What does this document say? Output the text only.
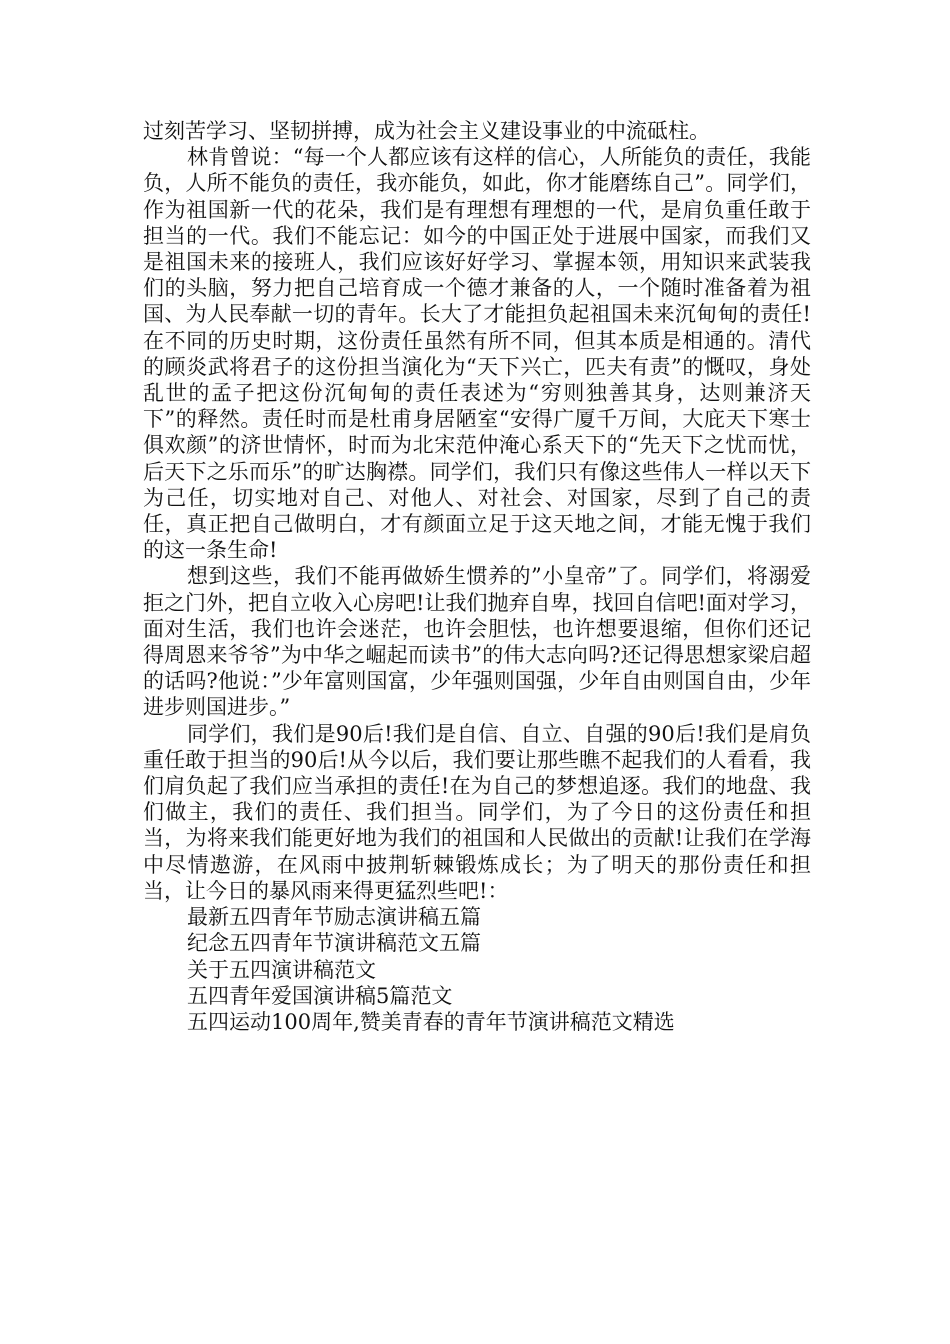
过刻苦学习、坚韧拼搏，成为社会主义建设事业的中流砥柱。

林肯曾说：“每一个人都应该有这样的信心，人所能负的责任，我能负，人所不能负的责任，我亦能负，如此，你才能磨练自己”。同学们，作为祖国新一代的花朵，我们是有理想有理想的一代，是肩负重任敢于担当的一代。我们不能忘记：如今的中国正处于进展中国家，而我们又是祖国未来的接班人，我们应该好好学习、掌握本领，用知识来武装我们的头脑，努力把自己培育成一个德才兼备的人，一个随时准备着为祖国、为人民奉献一切的青年。长大了才能担负起祖国未来沉甸甸的责任!在不同的历史时期，这份责任虽然有所不同，但其本质是相通的。清代的顾炎武将君子的这份担当演化为“天下兴亡，匹夫有责”的慨叹，身处乱世的孟子把这份沉甸甸的责任表述为“穷则独善其身，达则兼济天下”的释然。责任时而是杜甫身居陋室“安得广厦千万间，大庇天下寒士俱欢颜”的济世情怀，时而为北宋范仲淹心系天下的“先天下之忧而忧，后天下之乐而乐”的旷达胸襟。同学们，我们只有像这些伟人一样以天下为己任，切实地对自己、对他人、对社会、对国家，尽到了自己的责任，真正把自己做明白，才有颜面立足于这天地之间，才能无愧于我们的这一条生命!

想到这些，我们不能再做娇生惯养的”小皇帝”了。同学们，将溺爱拒之门外，把自立收入心房吧!让我们抛弃自卑，找回自信吧!面对学习，面对生活，我们也许会迷茫，也许会胆怯，也许想要退缩，但你们还记得周恩来爷爷”为中华之崛起而读书”的伟大志向吗?还记得思想家梁启超的话吗?他说：”少年富则国富，少年强则国强，少年自由则国自由，少年进步则国进步。”

同学们，我们是90后!我们是自信、自立、自强的90后!我们是肩负重任敢于担当的90后!从今以后，我们要让那些瞧不起我们的人看看，我们肩负起了我们应当承担的责任!在为自己的梦想追逐。我们的地盘、我们做主，我们的责任、我们担当。同学们，为了今日的这份责任和担当，为将来我们能更好地为我们的祖国和人民做出的贡献!让我们在学海中尽情遨游，在风雨中披荆斩棘锻炼成长；为了明天的那份责任和担当，让今日的暴风雨来得更猛烈些吧!：

最新五四青年节励志演讲稿五篇
纪念五四青年节演讲稿范文五篇
关于五四演讲稿范文
五四青年爱国演讲稿5篇范文
五四运动100周年,赞美青春的青年节演讲稿范文精选
